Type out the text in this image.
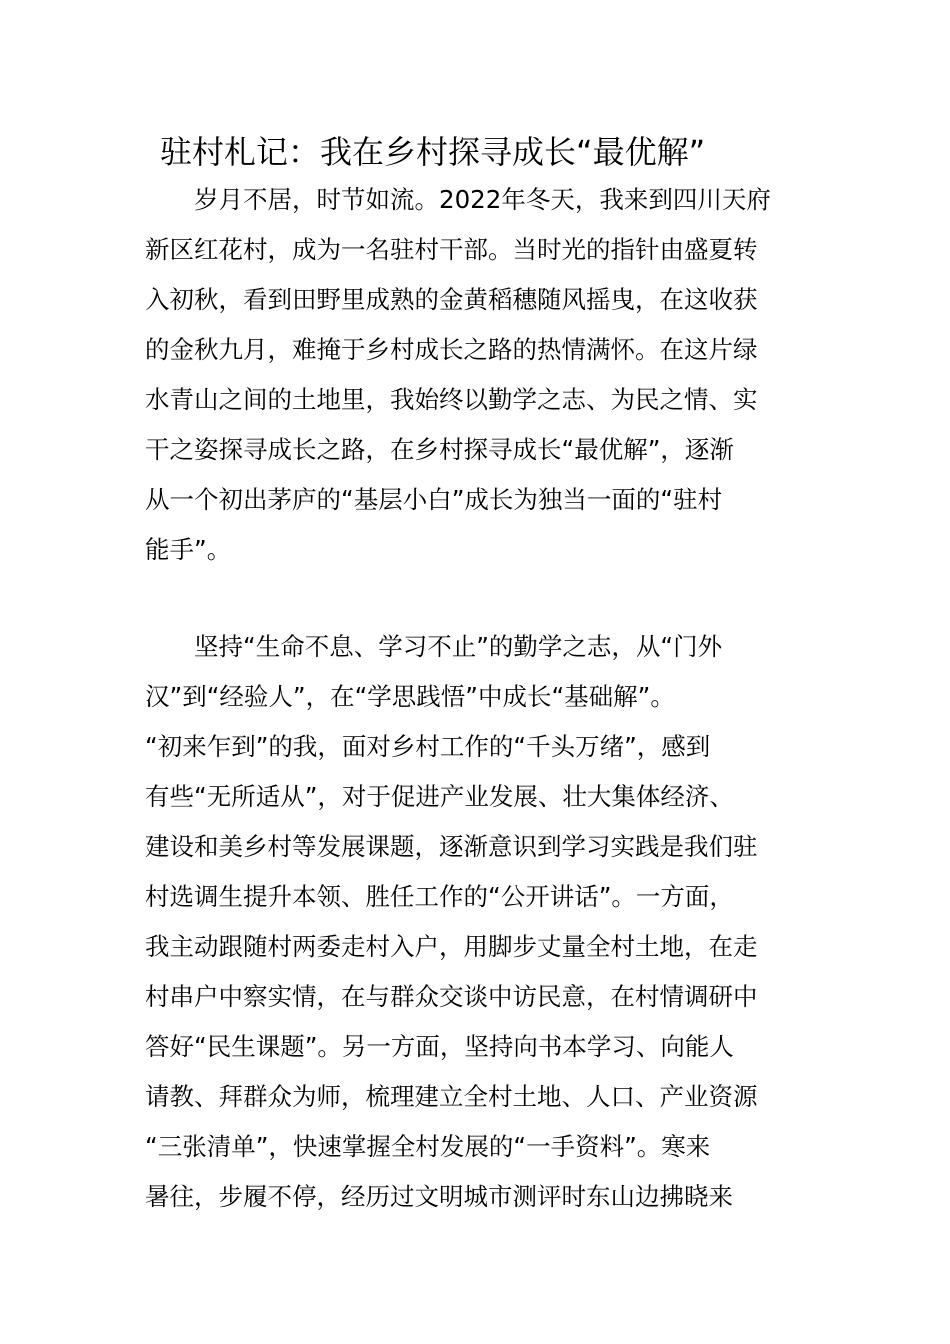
驻村札记：我在乡村探寻成长“最优解”

　　岁月不居，时节如流。2022年冬天，我来到四川天府

新区红花村，成为一名驻村干部。当时光的指针由盛夏转

入初秋，看到田野里成熟的金黄稻穗随风摇曳，在这收获

的金秋九月，难掩于乡村成长之路的热情满怀。在这片绿

水青山之间的土地里，我始终以勤学之志、为民之情、实

干之姿探寻成长之路，在乡村探寻成长“最优解”，逐渐

从一个初出茅庐的“基层小白”成长为独当一面的“驻村

能手”。

　　坚持“生命不息、学习不止”的勤学之志，从“门外

汉”到“经验人”，在“学思践悟”中成长“基础解”。

“初来乍到”的我，面对乡村工作的“千头万绪”，感到

有些“无所适从”，对于促进产业发展、壮大集体经济、

建设和美乡村等发展课题，逐渐意识到学习实践是我们驻

村选调生提升本领、胜任工作的“公开讲话”。一方面，

我主动跟随村两委走村入户，用脚步丈量全村土地，在走

村串户中察实情，在与群众交谈中访民意，在村情调研中

答好“民生课题”。另一方面，坚持向书本学习、向能人

请教、拜群众为师，梳理建立全村土地、人口、产业资源

“三张清单”，快速掌握全村发展的“一手资料”。寒来

暑往，步履不停，经历过文明城市测评时东山边拂晓来
